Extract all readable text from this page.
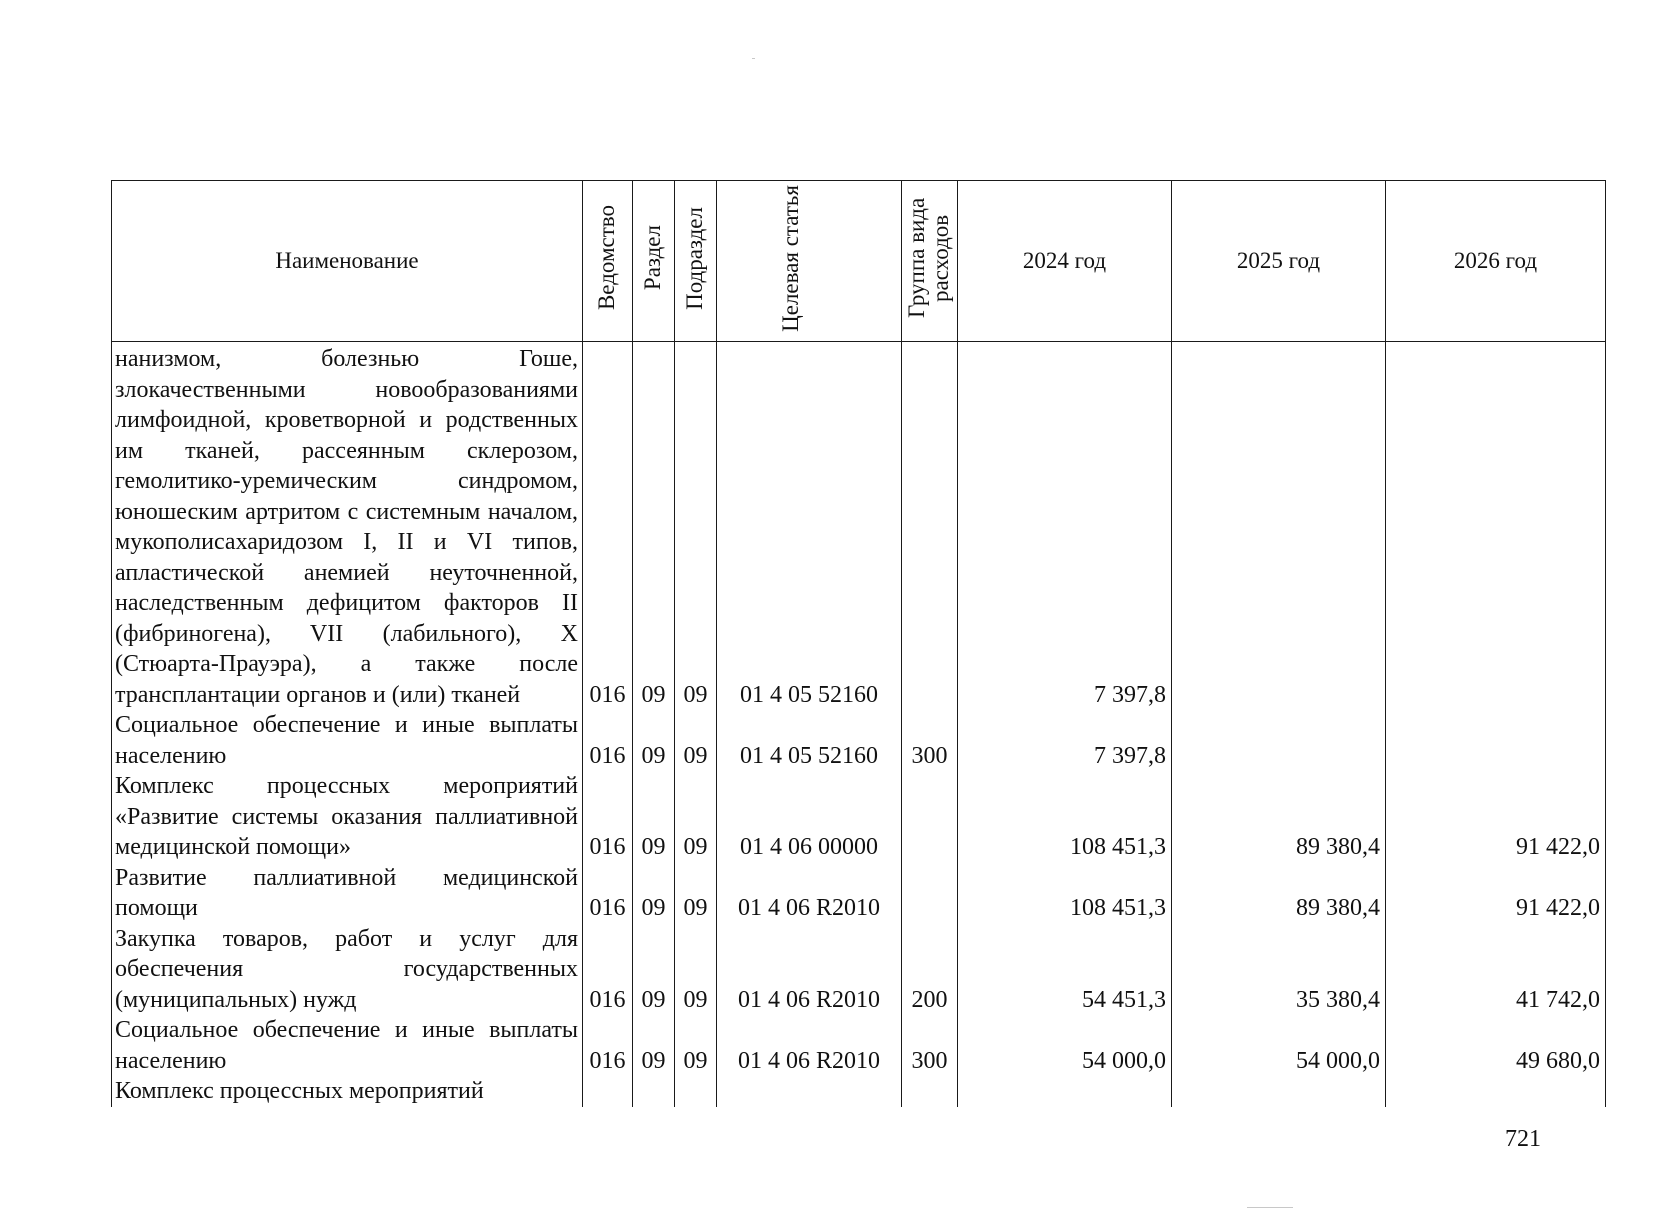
Наименование	Ведомство	Раздел	Подраздел	Целевая статья	Группа вида расходов	2024 год	2025 год	2026 год
нанизмом, болезнью Гоше, злокачественными новообразованиями лимфоидной, кроветворной и родственных им тканей, рассеянным склерозом, гемолитико-уремическим синдромом, юношеским артритом с системным началом, мукополисахаридозом I, II и VI типов, апластической анемией неуточненной, наследственным дефицитом факторов II (фибриногена), VII (лабильного), X (Стюарта-Прауэра), а также после трансплантации органов и (или) тканей	016	09	09	01 4 05 52160		7 397,8		
Социальное обеспечение и иные выплаты населению	016	09	09	01 4 05 52160	300	7 397,8		
Комплекс процессных мероприятий «Развитие системы оказания паллиативной медицинской помощи»	016	09	09	01 4 06 00000		108 451,3	89 380,4	91 422,0
Развитие паллиативной медицинской помощи	016	09	09	01 4 06 R2010		108 451,3	89 380,4	91 422,0
Закупка товаров, работ и услуг для обеспечения государственных (муниципальных) нужд	016	09	09	01 4 06 R2010	200	54 451,3	35 380,4	41 742,0
Социальное обеспечение и иные выплаты населению	016	09	09	01 4 06 R2010	300	54 000,0	54 000,0	49 680,0
Комплекс процессных мероприятий								
721
